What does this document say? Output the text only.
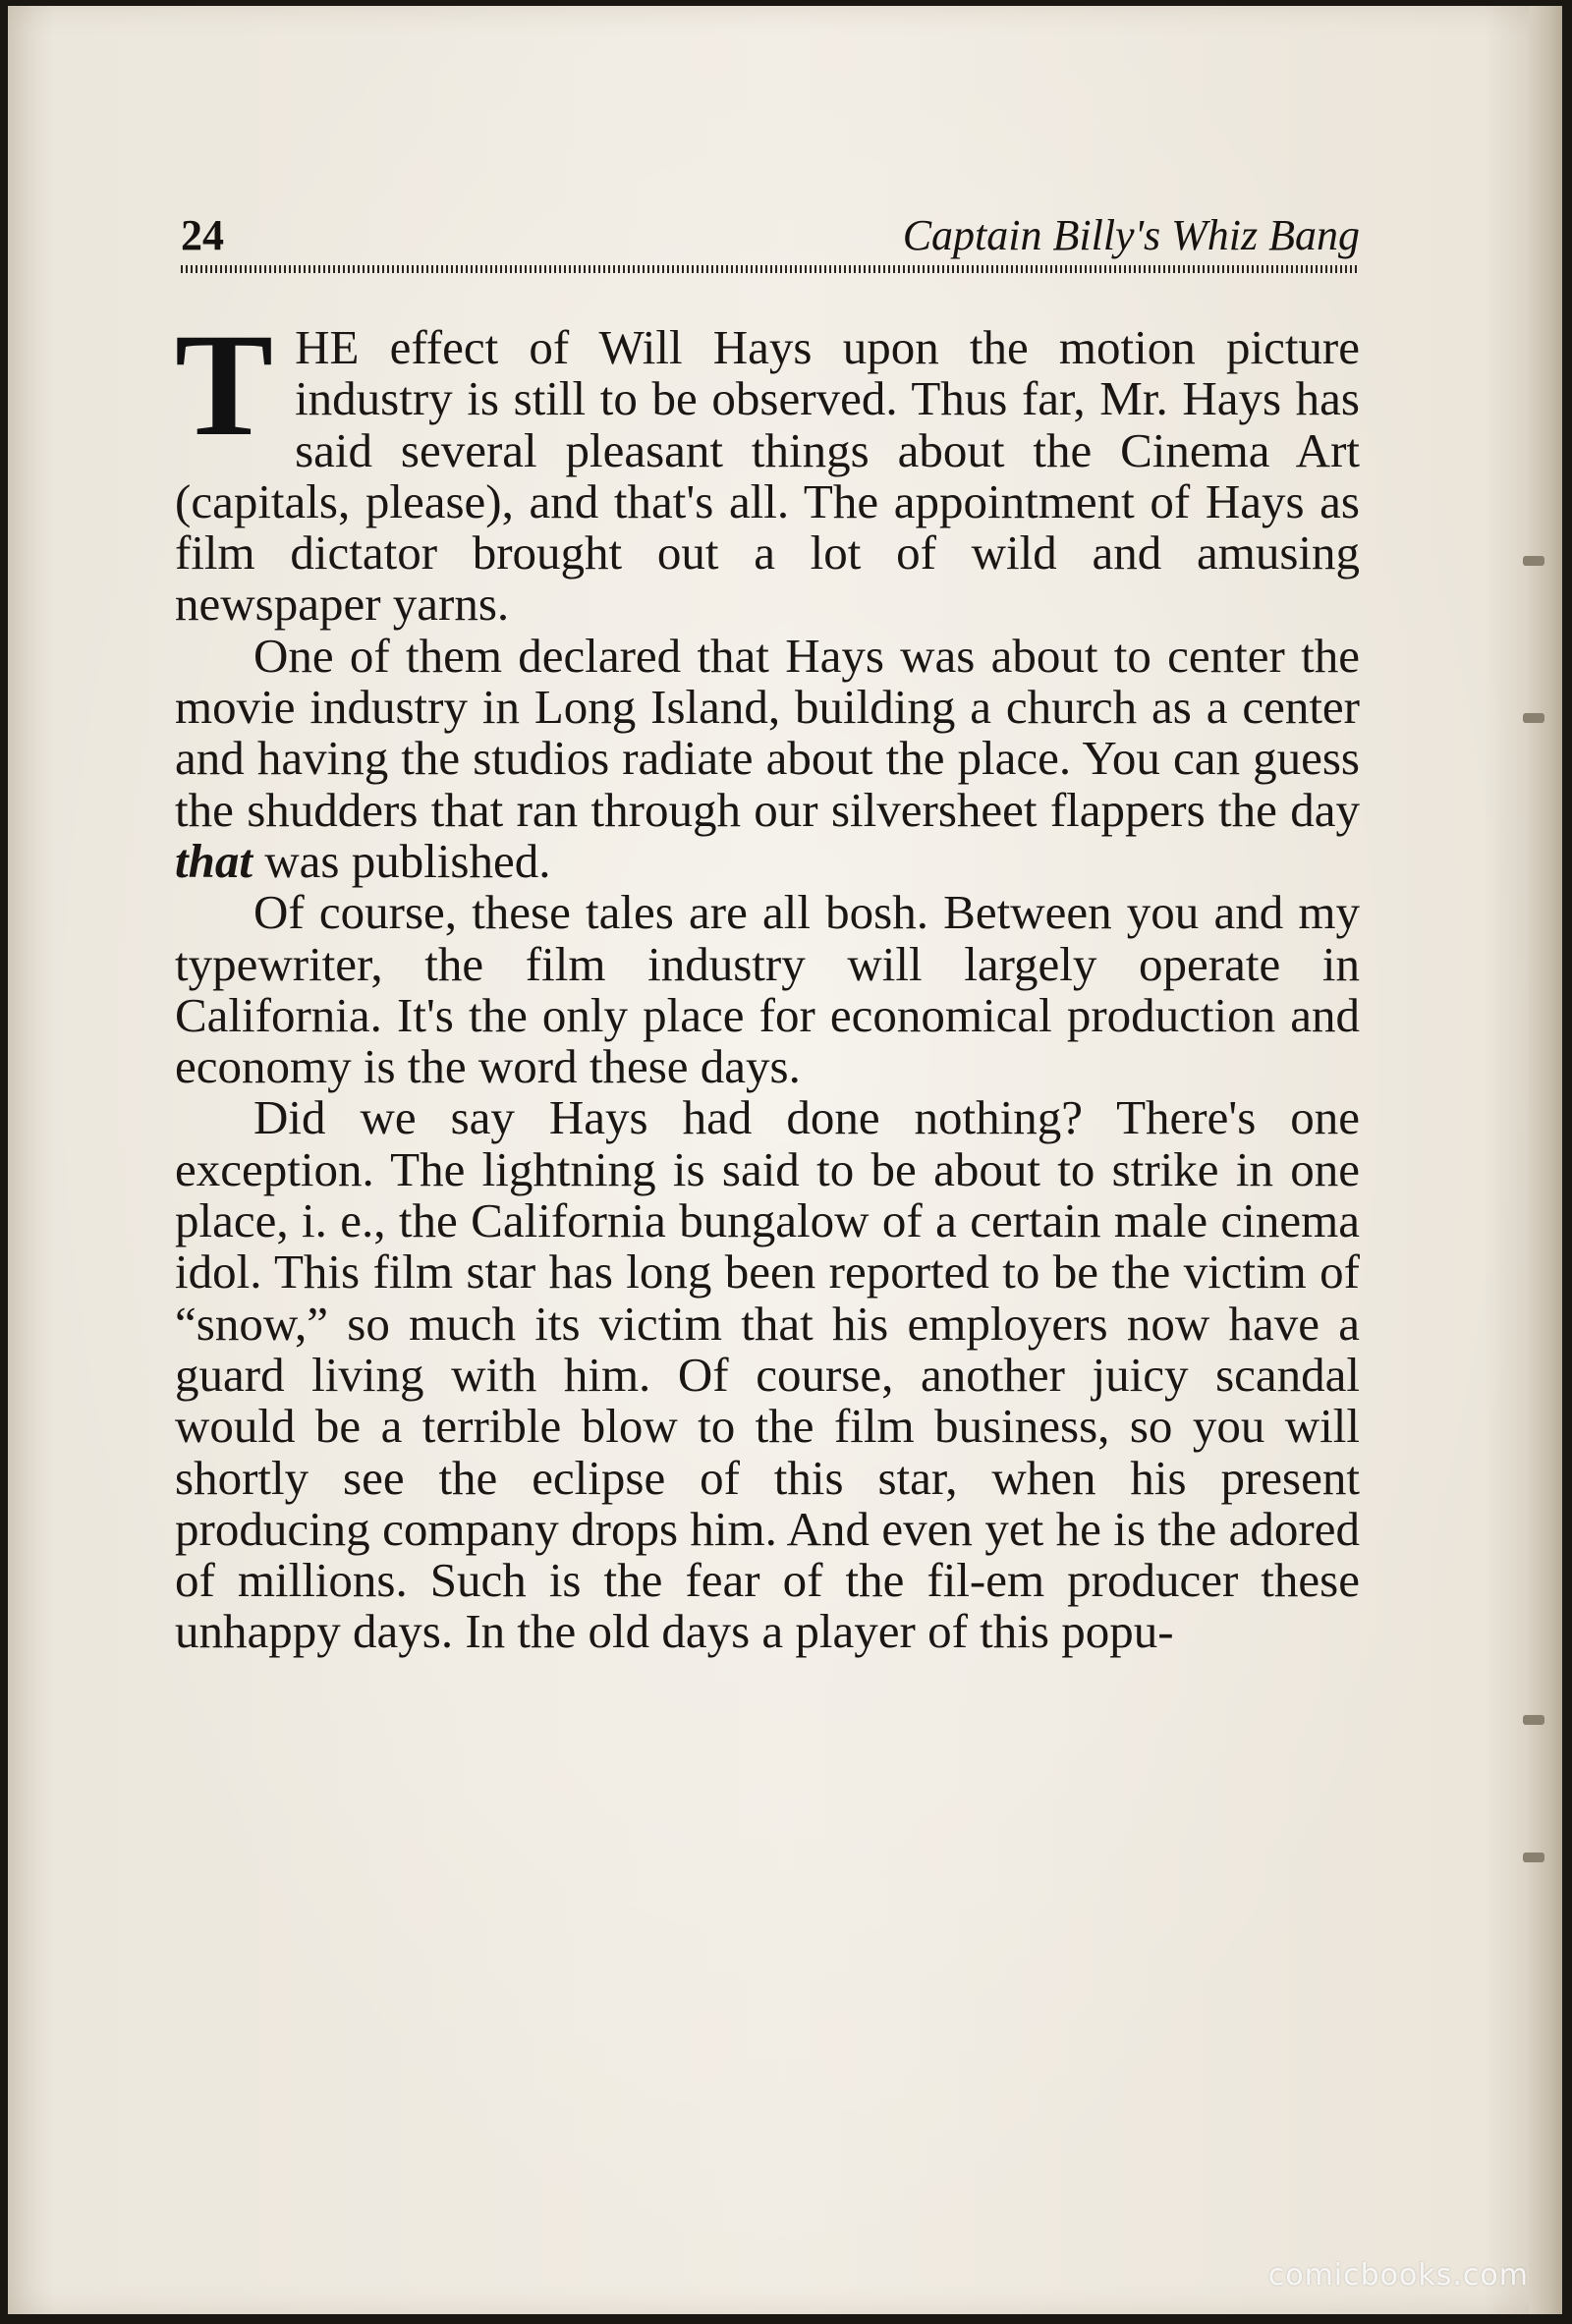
24	Captain Billy's Whiz Bang

THE effect of Will Hays upon the motion picture industry is still to be observed. Thus far, Mr. Hays has said several pleasant things about the Cinema Art (capitals, please), and that's all. The appointment of Hays as film dictator brought out a lot of wild and amusing newspaper yarns.

One of them declared that Hays was about to center the movie industry in Long Island, building a church as a center and having the studios radiate about the place. You can guess the shudders that ran through our silversheet flappers the day that was published.

Of course, these tales are all bosh. Between you and my typewriter, the film industry will largely operate in California. It's the only place for economical production and economy is the word these days.

Did we say Hays had done nothing? There's one exception. The lightning is said to be about to strike in one place, i. e., the California bungalow of a certain male cinema idol. This film star has long been reported to be the victim of “snow,” so much its victim that his employers now have a guard living with him. Of course, another juicy scandal would be a terrible blow to the film business, so you will shortly see the eclipse of this star, when his present producing company drops him. And even yet he is the adored of millions. Such is the fear of the fil-em producer these unhappy days. In the old days a player of this popu-

comicbooks.com
